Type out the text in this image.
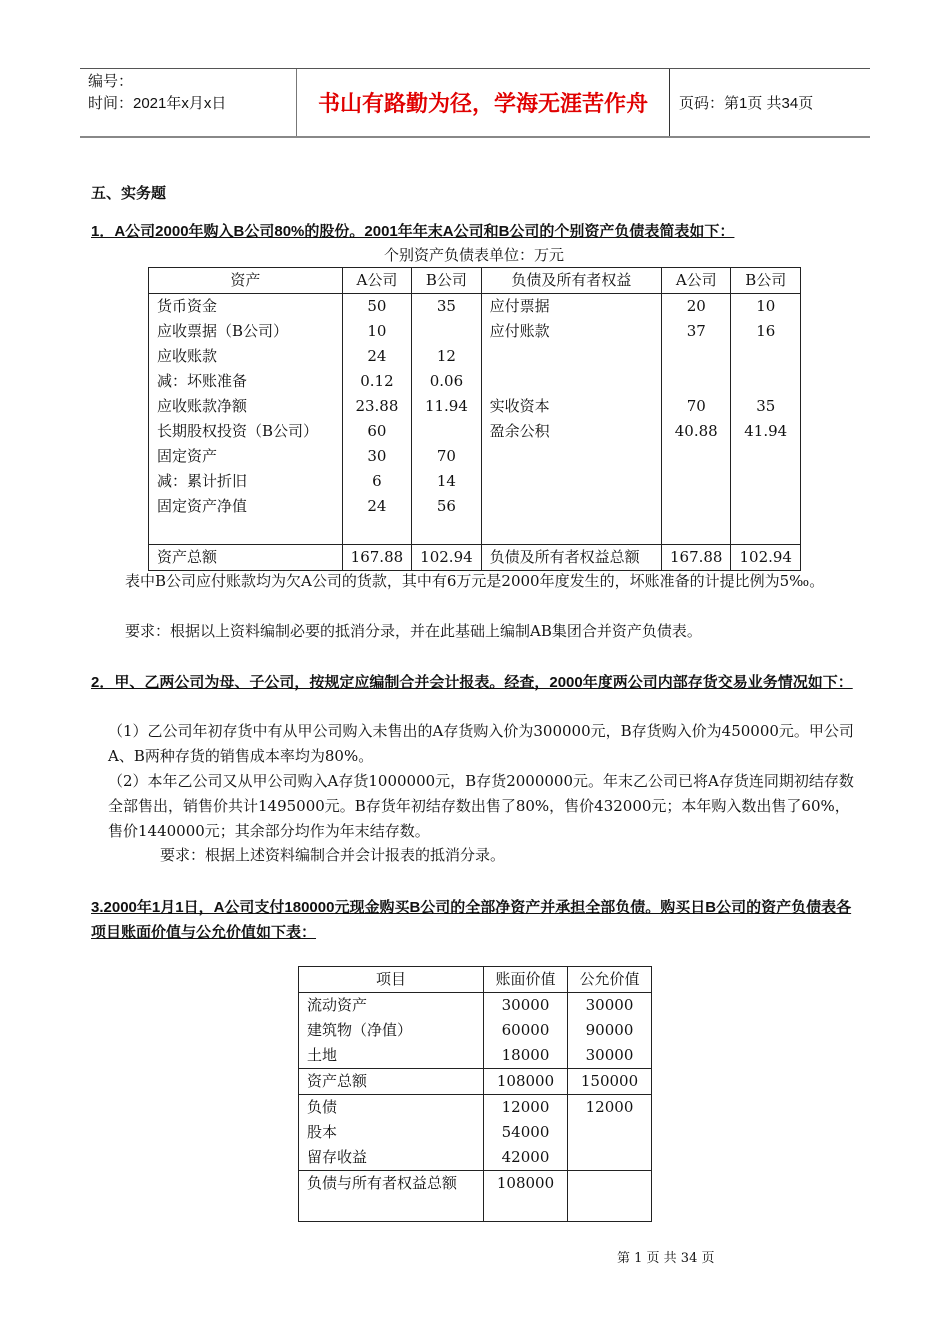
编号：
时间：2021年x月x日	书山有路勤为径，学海无涯苦作舟	页码：第1页 共34页
五、实务题
1．A公司2000年购入B公司80%的股份。2001年年末A公司和B公司的个别资产负债表简表如下：
个别资产负债表单位：万元
资产	A公司	B公司	负债及所有者权益	A公司	B公司
货币资金	50	35	应付票据	20	10
应收票据（B公司）	10		应付账款	37	16
应收账款	24	12			
减：坏账准备	0.12	0.06			
应收账款净额	23.88	11.94	实收资本	70	35
长期股权投资（B公司）	60		盈余公积	40.88	41.94
固定资产	30	70			
减：累计折旧	6	14			
固定资产净值	24	56			

资产总额	167.88	102.94	负债及所有者权益总额	167.88	102.94
表中B公司应付账款均为欠A公司的货款，其中有6万元是2000年度发生的，坏账准备的计提比例为5‰。
要求：根据以上资料编制必要的抵消分录，并在此基础上编制AB集团合并资产负债表。
2．甲、乙两公司为母、子公司，按规定应编制合并会计报表。经查，2000年度两公司内部存货交易业务情况如下：
（1）乙公司年初存货中有从甲公司购入未售出的A存货购入价为300000元，B存货购入价为450000元。甲公司A、B两种存货的销售成本率均为80%。
（2）本年乙公司又从甲公司购入A存货1000000元，B存货2000000元。年末乙公司已将A存货连同期初结存数全部售出，销售价共计1495000元。B存货年初结存数出售了80%，售价432000元；本年购入数出售了60%，售价1440000元；其余部分均作为年末结存数。
要求：根据上述资料编制合并会计报表的抵消分录。
3.2000年1月1日，A公司支付180000元现金购买B公司的全部净资产并承担全部负债。购买日B公司的资产负债表各项目账面价值与公允价值如下表：
项目	账面价值	公允价值
流动资产	30000	30000
建筑物（净值）	60000	90000
土地	18000	30000
资产总额	108000	150000
负债	12000	12000
股本	54000	
留存收益	42000	
负债与所有者权益总额	108000	
第 1 页 共 34 页
